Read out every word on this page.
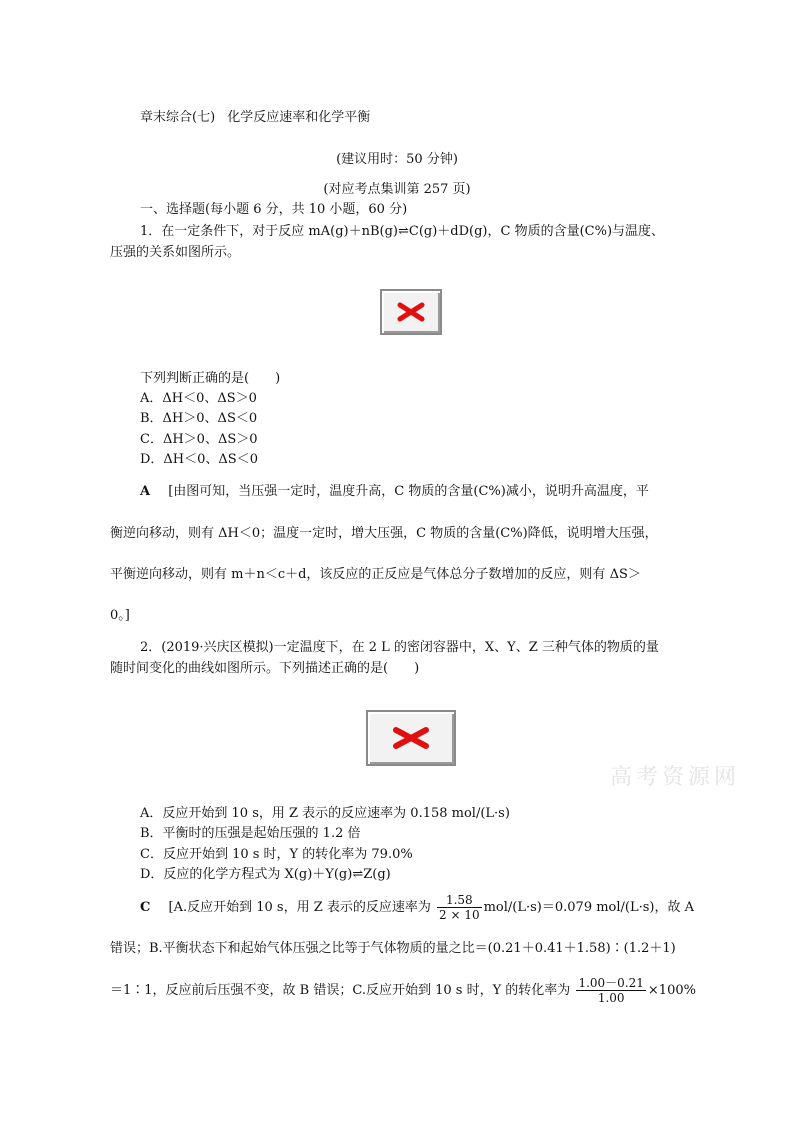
章末综合(七) 化学反应速率和化学平衡
(建议用时：50 分钟)
(对应考点集训第 257 页)
一、选择题(每小题 6 分，共 10 小题，60 分)
1．在一定条件下，对于反应 mA(g)＋nB(g)⇌C(g)＋dD(g)，C 物质的含量(C%)与温度、
压强的关系如图所示。
下列判断正确的是(　　)
A．ΔH＜0、ΔS＞0
B．ΔH＞0、ΔS＜0
C．ΔH＞0、ΔS＞0
D．ΔH＜0、ΔS＜0
A [由图可知，当压强一定时，温度升高，C 物质的含量(C%)减小，说明升高温度，平
衡逆向移动，则有 ΔH＜0；温度一定时，增大压强，C 物质的含量(C%)降低，说明增大压强，
平衡逆向移动，则有 m＋n＜c＋d，该反应的正反应是气体总分子数增加的反应，则有 ΔS＞
0。]
2．(2019·兴庆区模拟)一定温度下，在 2 L 的密闭容器中，X、Y、Z 三种气体的物质的量
随时间变化的曲线如图所示。下列描述正确的是(　　)
高考资源网
A．反应开始到 10 s，用 Z 表示的反应速率为 0.158 mol/(L·s)
B．平衡时的压强是起始压强的 1.2 倍
C．反应开始到 10 s 时，Y 的转化率为 79.0%
D．反应的化学方程式为 X(g)＋Y(g)⇌Z(g)
C [A.反应开始到 10 s，用 Z 表示的反应速率为 $\frac{1.58}{2 \times 10} mol/(L\cdot s)=0.079$ mol/(L·s)，故 A
错误；B.平衡状态下和起始气体压强之比等于气体物质的量之比＝(0.21＋0.41＋1.58)∶(1.2＋1)
＝1∶1，反应前后压强不变，故 B 错误；C.反应开始到 10 s 时，Y 的转化率为 $\frac{1.00-0.21}{1.00} \times 100\%$
